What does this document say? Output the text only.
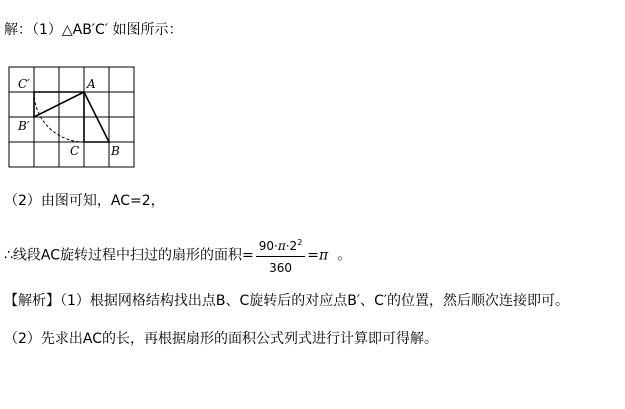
解：（1）△AB′C′ 如图所示：
C′	A
B′
C	B
（2）由图可知，AC=2，
∴线段AC旋转过程中扫过的扇形的面积= $\frac{90\cdot\pi\cdot 2^2}{360} =\pi$ 。
【解析】（1）根据网格结构找出点B、C旋转后的对应点B′、C′的位置，然后顺次连接即可。
（2）先求出AC的长，再根据扇形的面积公式列式进行计算即可得解。
